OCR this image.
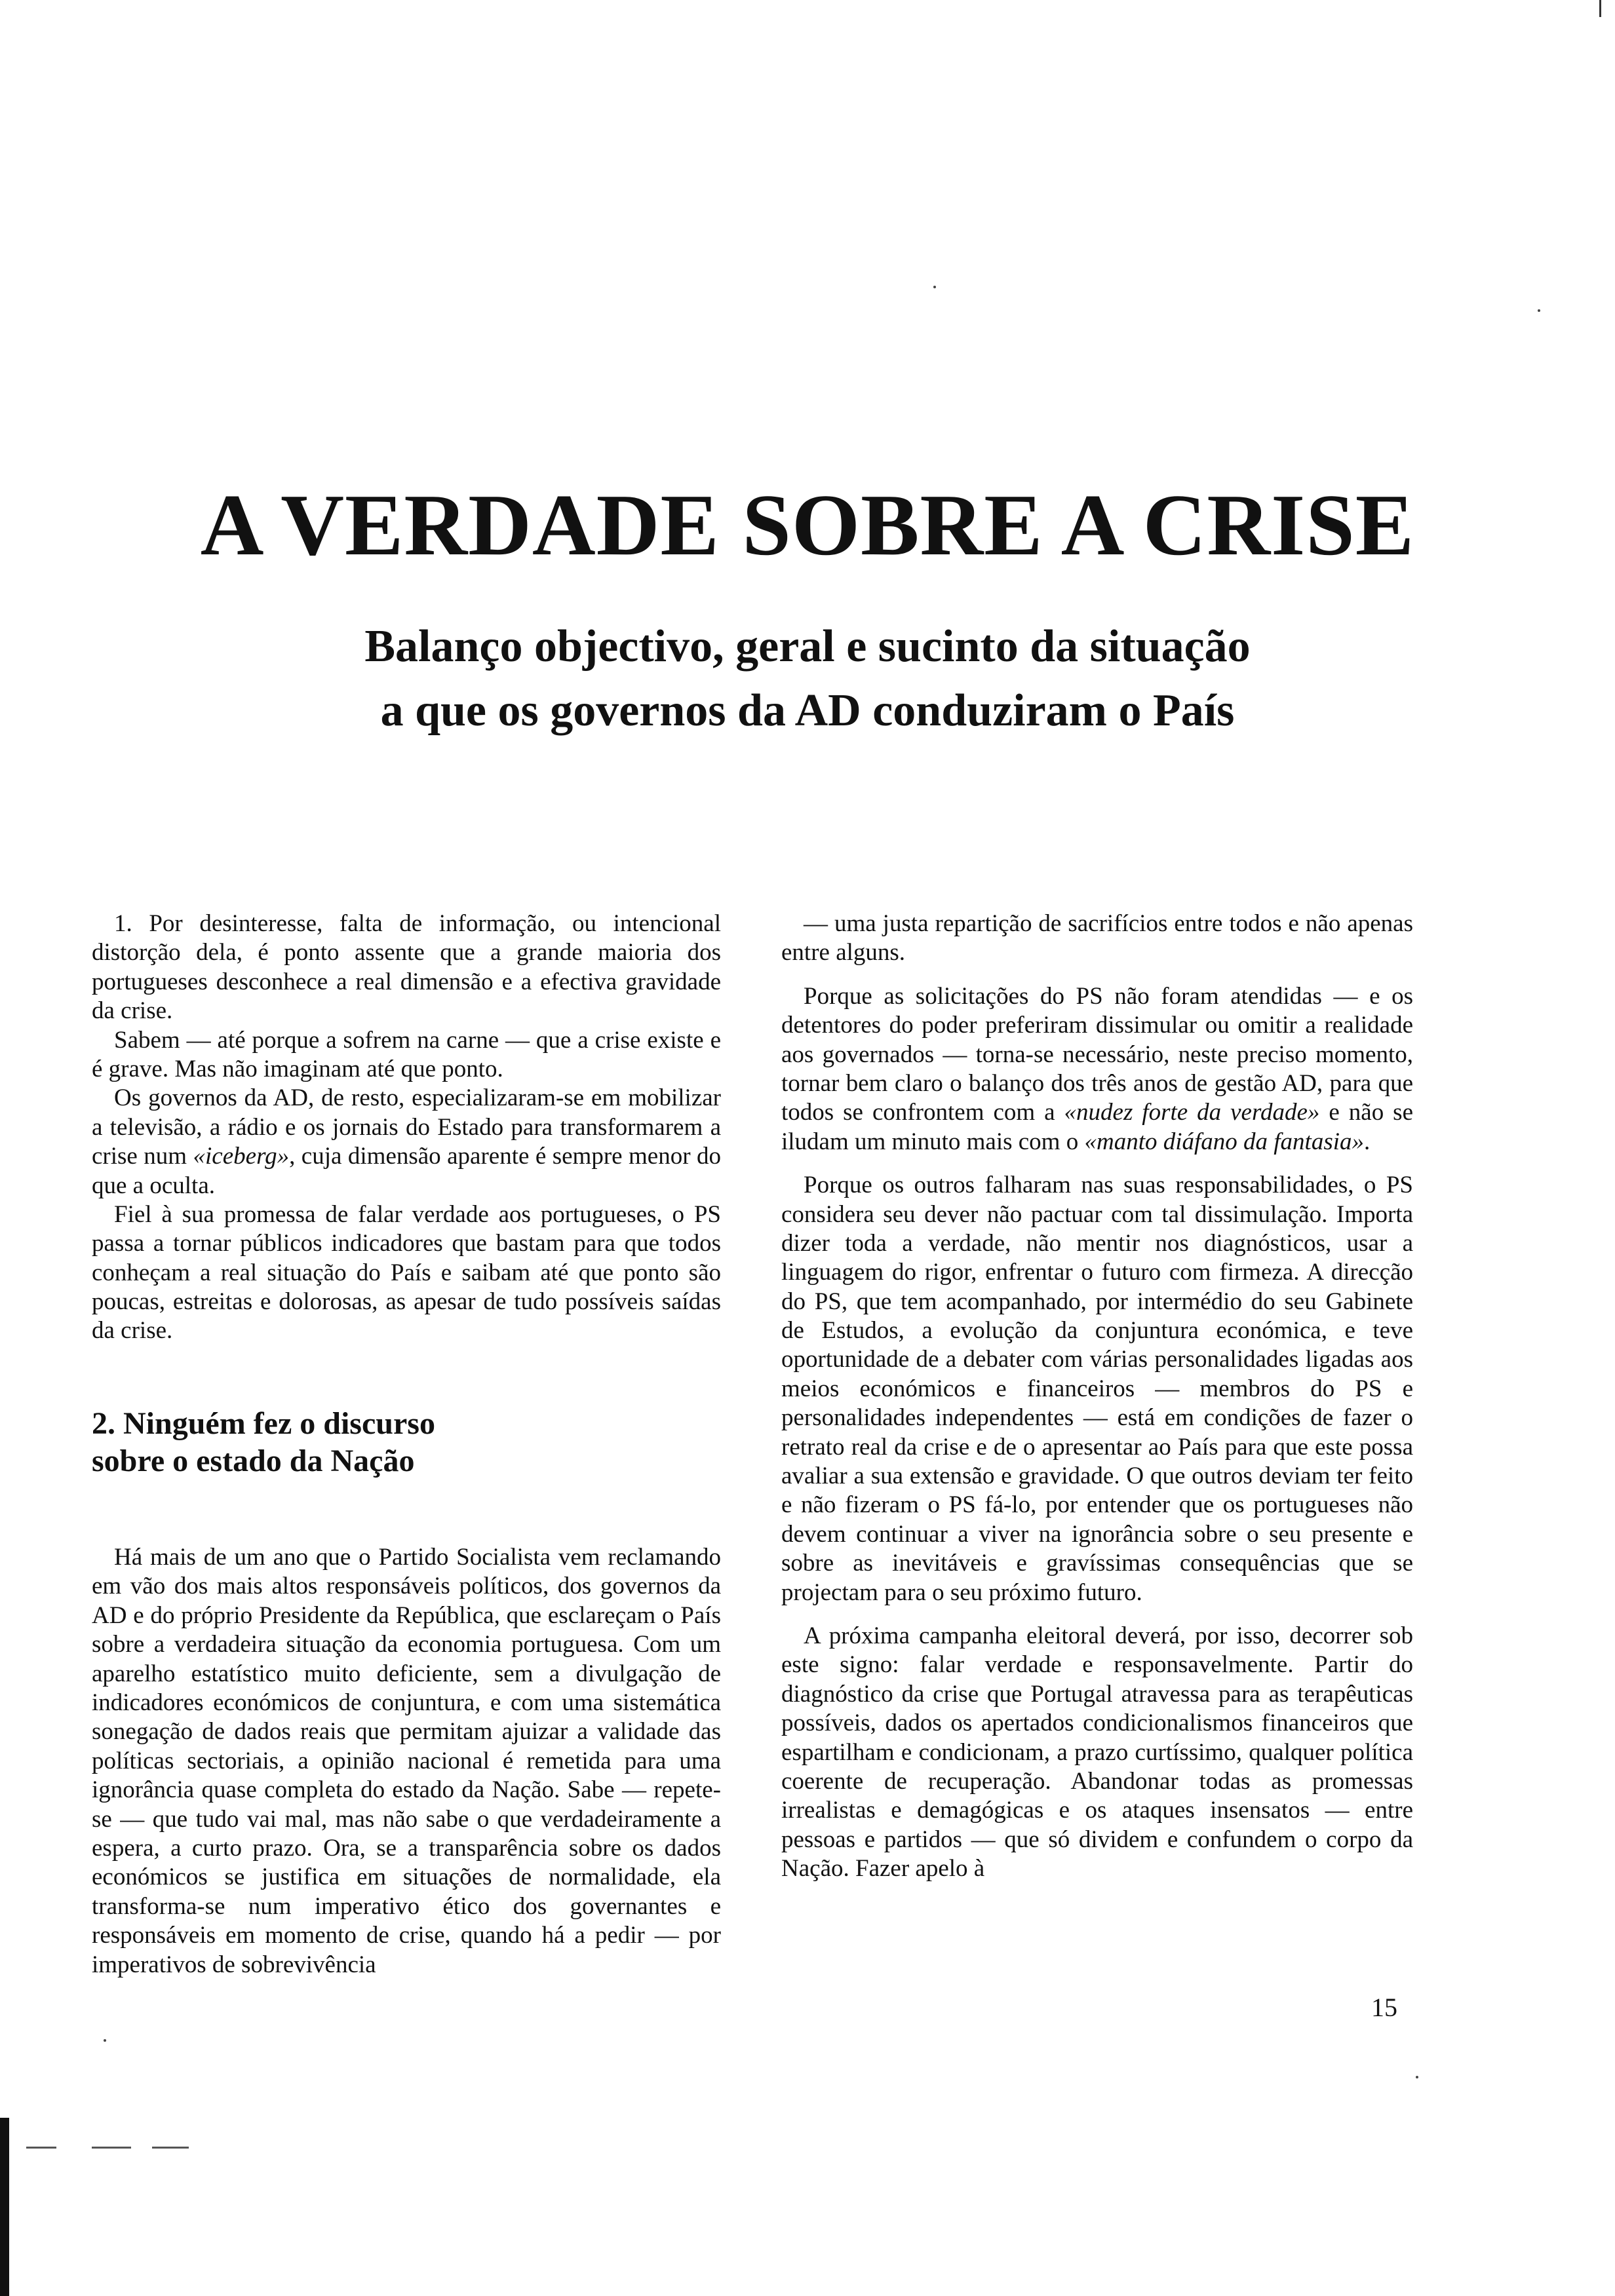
A VERDADE SOBRE A CRISE
Balanço objectivo, geral e sucinto da situação
a que os governos da AD conduziram o País

1. Por desinteresse, falta de informação, ou intencional distorção dela, é ponto assente que a grande maioria dos portugueses desconhece a real dimensão e a efectiva gravidade da crise.

Sabem — até porque a sofrem na carne — que a crise existe e é grave. Mas não imaginam até que ponto.

Os governos da AD, de resto, especializaram-se em mobilizar a televisão, a rádio e os jornais do Estado para transformarem a crise num «iceberg», cuja dimensão aparente é sempre menor do que a oculta.

Fiel à sua promessa de falar verdade aos portugueses, o PS passa a tornar públicos indicadores que bastam para que todos conheçam a real situação do País e saibam até que ponto são poucas, estreitas e dolorosas, as apesar de tudo possíveis saídas da crise.

2. Ninguém fez o discurso
sobre o estado da Nação

Há mais de um ano que o Partido Socialista vem reclamando em vão dos mais altos responsáveis políticos, dos governos da AD e do próprio Presidente da República, que esclareçam o País sobre a verdadeira situação da economia portuguesa. Com um aparelho estatístico muito deficiente, sem a divulgação de indicadores económicos de conjuntura, e com uma sistemática sonegação de dados reais que permitam ajuizar a validade das políticas sectoriais, a opinião nacional é remetida para uma ignorância quase completa do estado da Nação. Sabe — repete-se — que tudo vai mal, mas não sabe o que verdadeiramente a espera, a curto prazo. Ora, se a transparência sobre os dados económicos se justifica em situações de normalidade, ela transforma-se num imperativo ético dos governantes e responsáveis em momento de crise, quando há a pedir — por imperativos de sobrevivência

— uma justa repartição de sacrifícios entre todos e não apenas entre alguns.

Porque as solicitações do PS não foram atendidas — e os detentores do poder preferiram dissimular ou omitir a realidade aos governados — torna-se necessário, neste preciso momento, tornar bem claro o balanço dos três anos de gestão AD, para que todos se confrontem com a «nudez forte da verdade» e não se iludam um minuto mais com o «manto diáfano da fantasia».

Porque os outros falharam nas suas responsabilidades, o PS considera seu dever não pactuar com tal dissimulação. Importa dizer toda a verdade, não mentir nos diagnósticos, usar a linguagem do rigor, enfrentar o futuro com firmeza. A direcção do PS, que tem acompanhado, por intermédio do seu Gabinete de Estudos, a evolução da conjuntura económica, e teve oportunidade de a debater com várias personalidades ligadas aos meios económicos e financeiros — membros do PS e personalidades independentes — está em condições de fazer o retrato real da crise e de o apresentar ao País para que este possa avaliar a sua extensão e gravidade. O que outros deviam ter feito e não fizeram o PS fá-lo, por entender que os portugueses não devem continuar a viver na ignorância sobre o seu presente e sobre as inevitáveis e gravíssimas consequências que se projectam para o seu próximo futuro.

A próxima campanha eleitoral deverá, por isso, decorrer sob este signo: falar verdade e responsavelmente. Partir do diagnóstico da crise que Portugal atravessa para as terapêuticas possíveis, dados os apertados condicionalismos financeiros que espartilham e condicionam, a prazo curtíssimo, qualquer política coerente de recuperação. Abandonar todas as promessas irrealistas e demagógicas e os ataques insensatos — entre pessoas e partidos — que só dividem e confundem o corpo da Nação. Fazer apelo à

15
